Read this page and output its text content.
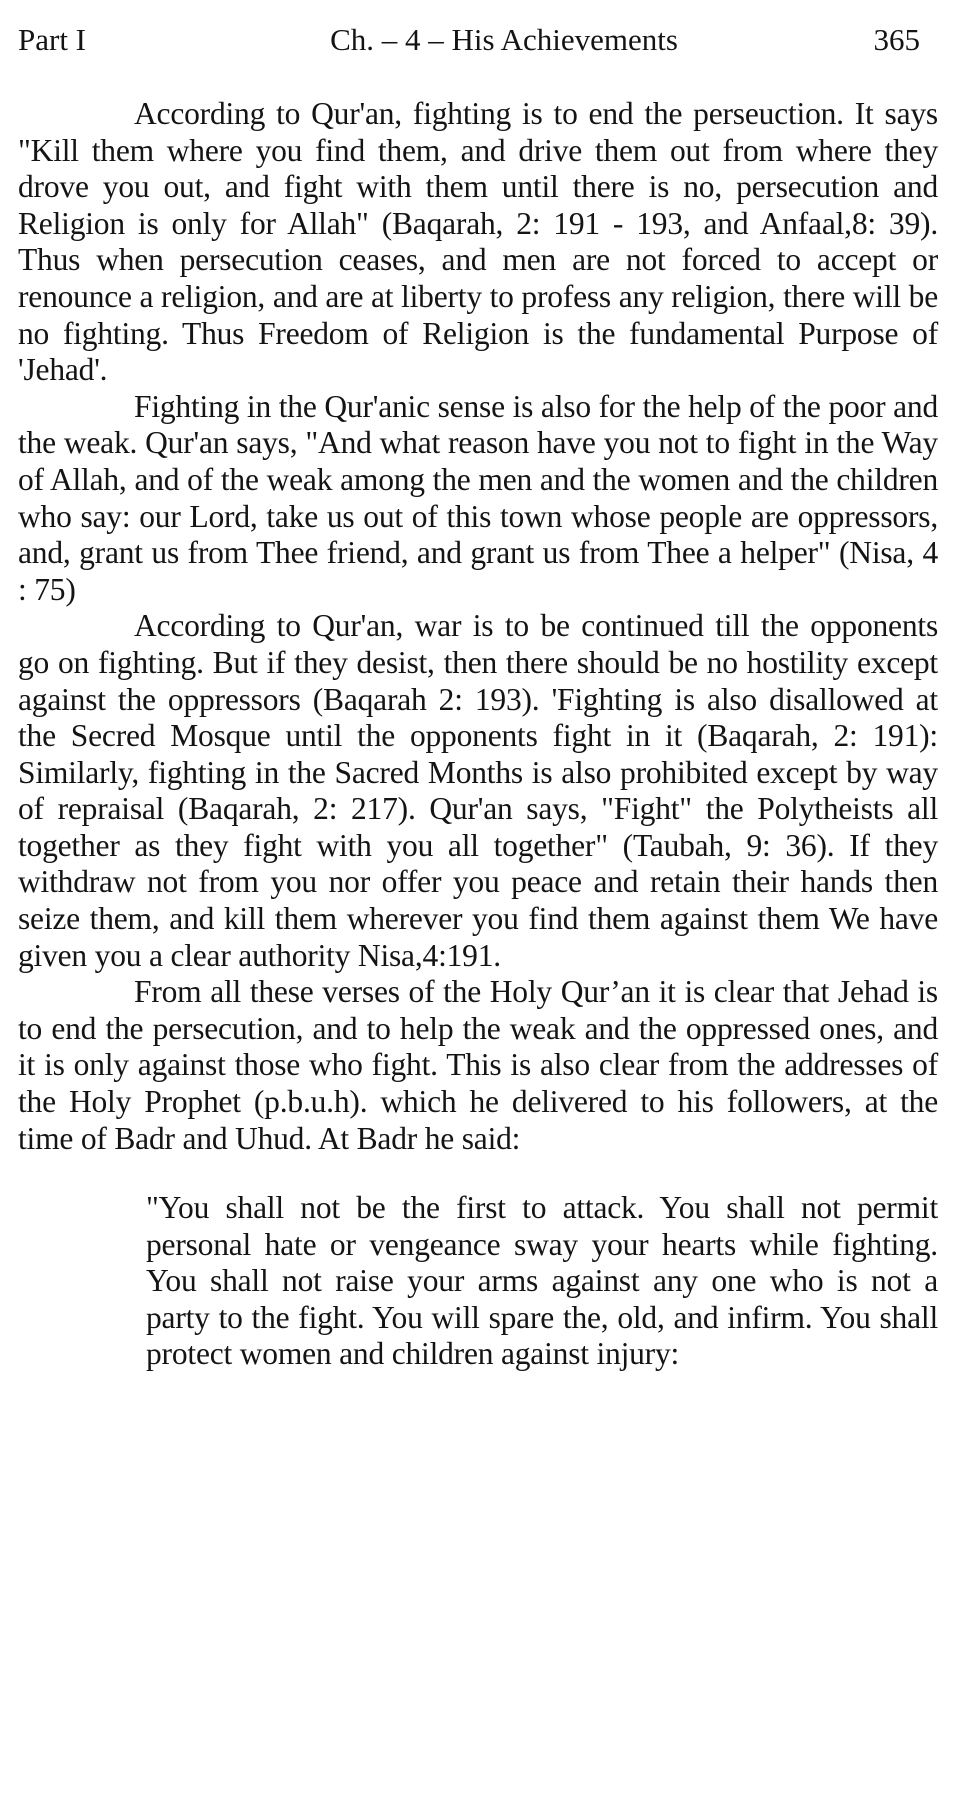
Part I	Ch. – 4 – His Achievements	365

According to Qur'an, fighting is to end the perseuction. It says "Kill them where you find them, and drive them out from where they drove you out, and fight with them until there is no, persecution and Religion is only for Allah" (Baqarah, 2: 191 - 193, and Anfaal,8: 39). Thus when persecution ceases, and men are not forced to accept or renounce a religion, and are at liberty to profess any religion, there will be no fighting. Thus Freedom of Religion is the fundamental Purpose of 'Jehad'.

Fighting in the Qur'anic sense is also for the help of the poor and the weak. Qur'an says, "And what reason have you not to fight in the Way of Allah, and of the weak among the men and the women and the children who say: our Lord, take us out of this town whose people are oppressors, and, grant us from Thee friend, and grant us from Thee a helper" (Nisa, 4 : 75)

According to Qur'an, war is to be continued till the opponents go on fighting. But if they desist, then there should be no hostility except against the oppressors (Baqarah 2: 193). 'Fighting is also disallowed at the Secred Mosque until the opponents fight in it (Baqarah, 2: 191): Similarly, fighting in the Sacred Months is also prohibited except by way of repraisal (Baqarah, 2: 217). Qur'an says, "Fight" the Polytheists all together as they fight with you all together" (Taubah, 9: 36). If they withdraw not from you nor offer you peace and retain their hands then seize them, and kill them wherever you find them against them We have given you a clear authority Nisa,4:191.

From all these verses of the Holy Qur’an it is clear that Jehad is to end the persecution, and to help the weak and the oppressed ones, and it is only against those who fight. This is also clear from the addresses of the Holy Prophet (p.b.u.h). which he delivered to his followers, at the time of Badr and Uhud. At Badr he said:

"You shall not be the first to attack. You shall not permit personal hate or vengeance sway your hearts while fighting. You shall not raise your arms against any one who is not a party to the fight. You will spare the, old, and infirm. You shall protect women and children against injury:
